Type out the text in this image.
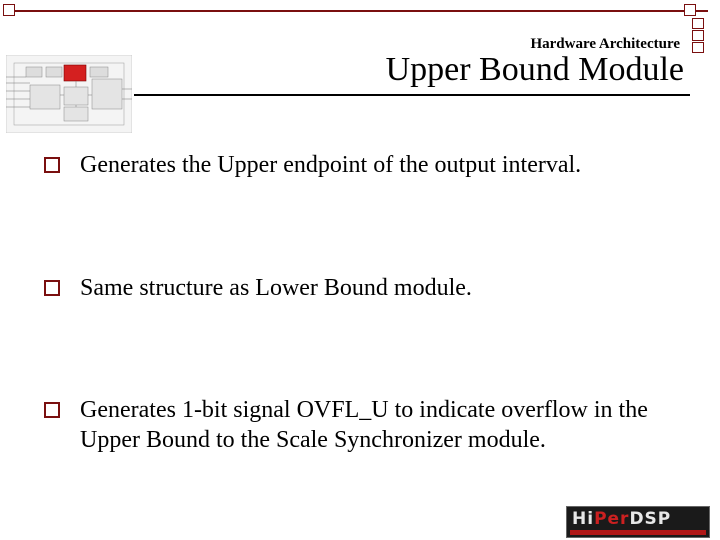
Hardware Architecture
Upper Bound Module
Generates the Upper endpoint of the output interval.
Same structure as Lower Bound module.
Generates 1-bit signal OVFL_U to indicate overflow in the Upper Bound to the Scale Synchronizer module.
HiPerDSP
